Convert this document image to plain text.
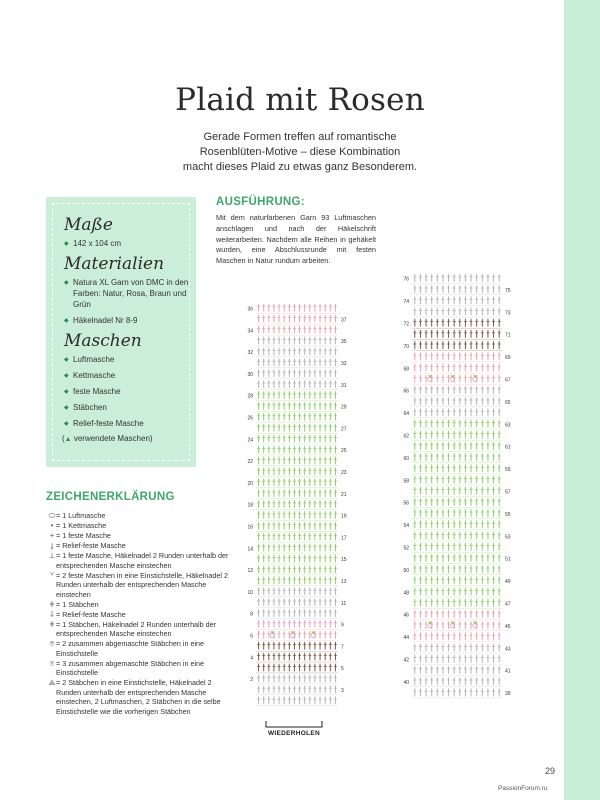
Plaid mit Rosen
Gerade Formen treffen auf romantische
Rosenblüten-Motive – diese Kombination
macht dieses Plaid zu etwas ganz Besonderem.
Maße
◆ 142 x 104 cm
Materialien
◆ Natura XL Garn von DMC in den Farben: Natur, Rosa, Braun und Grün
◆ Häkelnadel Nr 8-9
Maschen
◆ Luftmasche
◆ Kettmasche
◆ feste Masche
◆ Stäbchen
◆ Relief-feste Masche
(▲ verwendete Maschen)
AUSFÜHRUNG:
Mit dem naturfarbenen Garn 93 Luftmaschen anschlagen und nach der Häkelschrift weiterarbeiten. Nachdem alle Reihen in gehäkelt wurden, eine Abschlussrunde mit festen Maschen in Natur rundum arbeiten.
ZEICHENERKLÄRUNG
⬭ = 1 Luftmasche
• = 1 Kettmasche
+ = 1 feste Masche
ɟ = Relief-feste Masche
⟂ = 1 feste Masche, Häkelnadel 2 Runden unterhalb der entsprechenden Masche einstechen
ⱽ = 2 feste Maschen in eine Einstichstelle, Häkelnadel 2 Runden unterhalb der entsprechenden Masche einstechen
ǂ = 1 Stäbchen
⸸ = Relief-feste Masche
ǂ = 1 Stäbchen, Häkelnadel 2 Runden unterhalb der entsprechenden Masche einstechen
⍟ = 2 zusammen abgemaschte Stäbchen in eine Einstichstelle
⌾ = 3 zusammen abgemaschte Stäbchen in eine Einstichstelle
⟁ = 2 Stäbchen in eine Einstichstelle, Häkelnadel 2 Runden unterhalb der entsprechenden Masche einstechen, 2 Luftmaschen, 2 Stäbchen in die selbe Einstichstelle wie die vorherigen Stäbchen
36
37
34
35
32
33
30
31
28
29
26
27
24
25
22
23
20
21
18
19
16
17
14
15
12
13
10
11
8
9
6
7
4
5
2
3
76
75
74
73
72
71
70
69
68
67
66
65
64
63
62
61
60
59
58
57
56
55
54
53
52
51
50
49
48
47
46
45
44
43
42
41
40
39
WIEDERHOLEN
29
PassionForum.ru
